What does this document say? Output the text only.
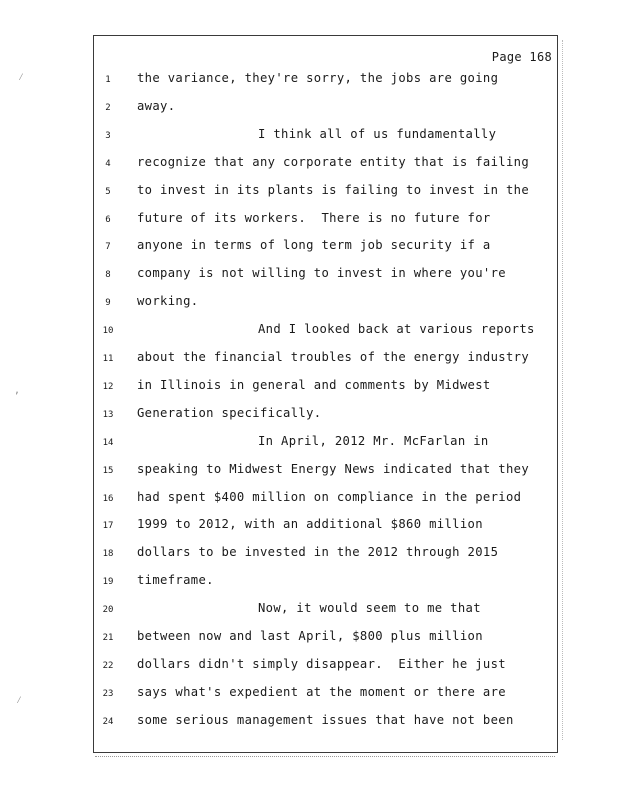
⁄
‚
⁄
Page 168
1	the variance, they're sorry, the jobs are going
2	away.
3	I think all of us fundamentally
4	recognize that any corporate entity that is failing
5	to invest in its plants is failing to invest in the
6	future of its workers.  There is no future for
7	anyone in terms of long term job security if a
8	company is not willing to invest in where you're
9	working.
10	And I looked back at various reports
11	about the financial troubles of the energy industry
12	in Illinois in general and comments by Midwest
13	Generation specifically.
14	In April, 2012 Mr. McFarlan in
15	speaking to Midwest Energy News indicated that they
16	had spent $400 million on compliance in the period
17	1999 to 2012, with an additional $860 million
18	dollars to be invested in the 2012 through 2015
19	timeframe.
20	Now, it would seem to me that
21	between now and last April, $800 plus million
22	dollars didn't simply disappear.  Either he just
23	says what's expedient at the moment or there are
24	some serious management issues that have not been
